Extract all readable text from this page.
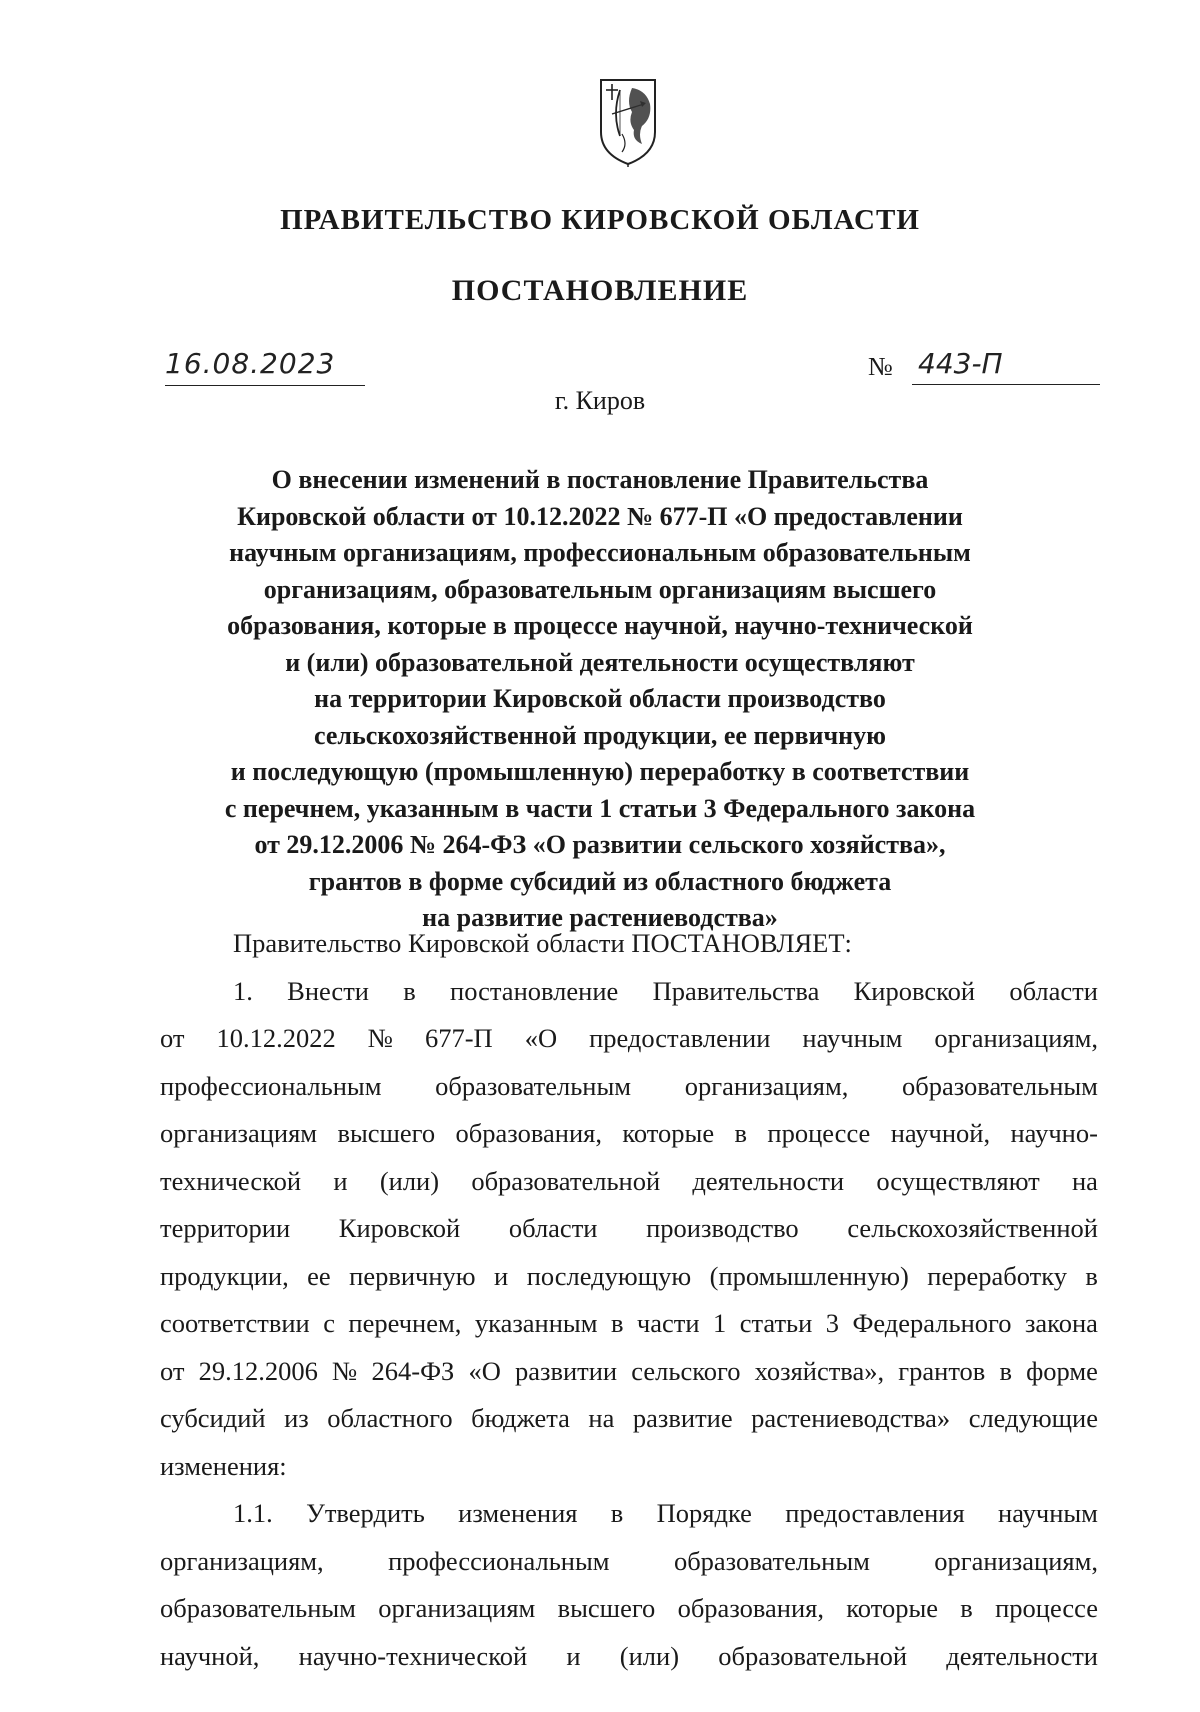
ПРАВИТЕЛЬСТВО КИРОВСКОЙ ОБЛАСТИ
ПОСТАНОВЛЕНИЕ
16.08.2023	№ 443-П
г. Киров
О внесении изменений в постановление Правительства
Кировской области от 10.12.2022 № 677-П «О предоставлении
научным организациям, профессиональным образовательным
организациям, образовательным организациям высшего
образования, которые в процессе научной, научно-технической
и (или) образовательной деятельности осуществляют
на территории Кировской области производство
сельскохозяйственной продукции, ее первичную
и последующую (промышленную) переработку в соответствии
с перечнем, указанным в части 1 статьи 3 Федерального закона
от 29.12.2006 № 264-ФЗ «О развитии сельского хозяйства»,
грантов в форме субсидий из областного бюджета
на развитие растениеводства»
Правительство Кировской области ПОСТАНОВЛЯЕТ:
1. Внести в постановление Правительства Кировской области
от 10.12.2022 № 677-П «О предоставлении научным организациям,
профессиональным образовательным организациям, образовательным
организациям высшего образования, которые в процессе научной, научно-
технической и (или) образовательной деятельности осуществляют на
территории Кировской области производство сельскохозяйственной
продукции, ее первичную и последующую (промышленную) переработку в
соответствии с перечнем, указанным в части 1 статьи 3 Федерального закона
от 29.12.2006 № 264-ФЗ «О развитии сельского хозяйства», грантов в форме
субсидий из областного бюджета на развитие растениеводства» следующие
изменения:
1.1. Утвердить изменения в Порядке предоставления научным
организациям, профессиональным образовательным организациям,
образовательным организациям высшего образования, которые в процессе
научной, научно-технической и (или) образовательной деятельности
